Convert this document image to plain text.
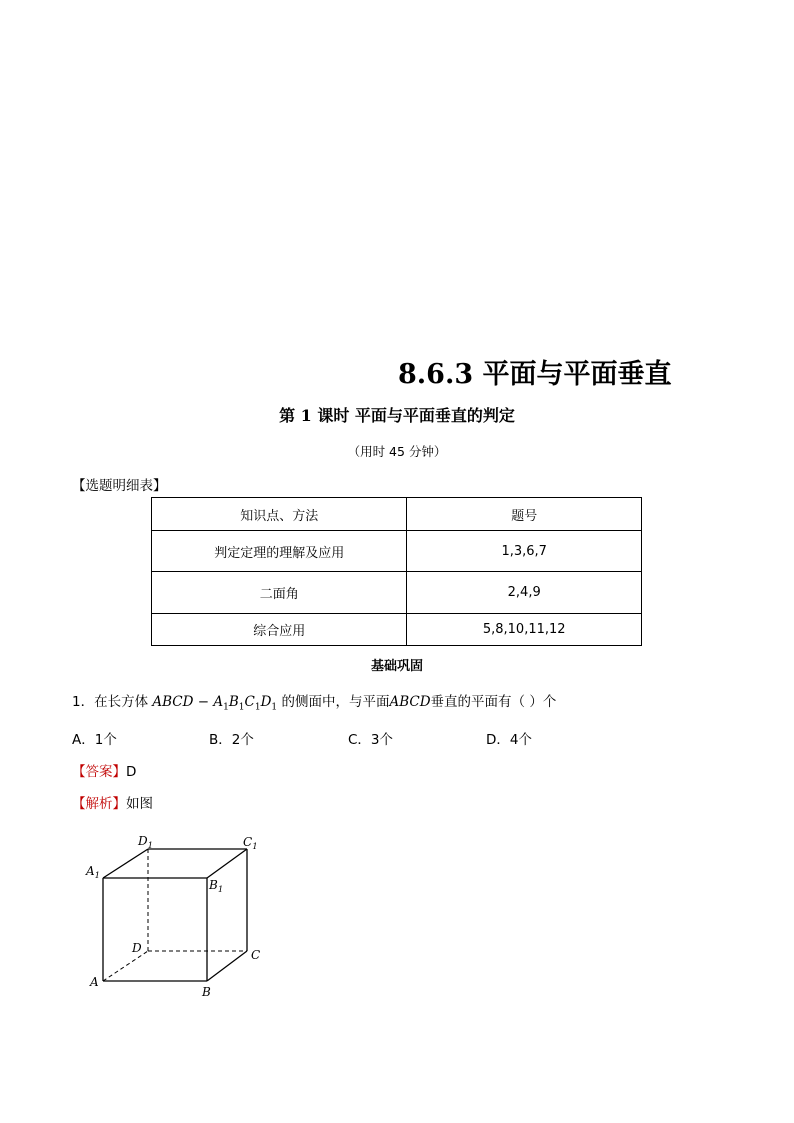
8.6.3 平面与平面垂直
第 1 课时 平面与平面垂直的判定
（用时 45 分钟）
【选题明细表】
知识点、方法	题号
判定定理的理解及应用	1,3,6,7
二面角	2,4,9
综合应用	5,8,10,11,12
基础巩固
1．在长方体 ABCD − $A_1B_1C_1D_1$ 的侧面中，与平面ABCD垂直的平面有（ ）个
A．1个	B．2个	C．3个	D．4个
【答案】D
【解析】如图
$D_1$	$C_1$
$A_1$
$B_1$
D	C
A
B
